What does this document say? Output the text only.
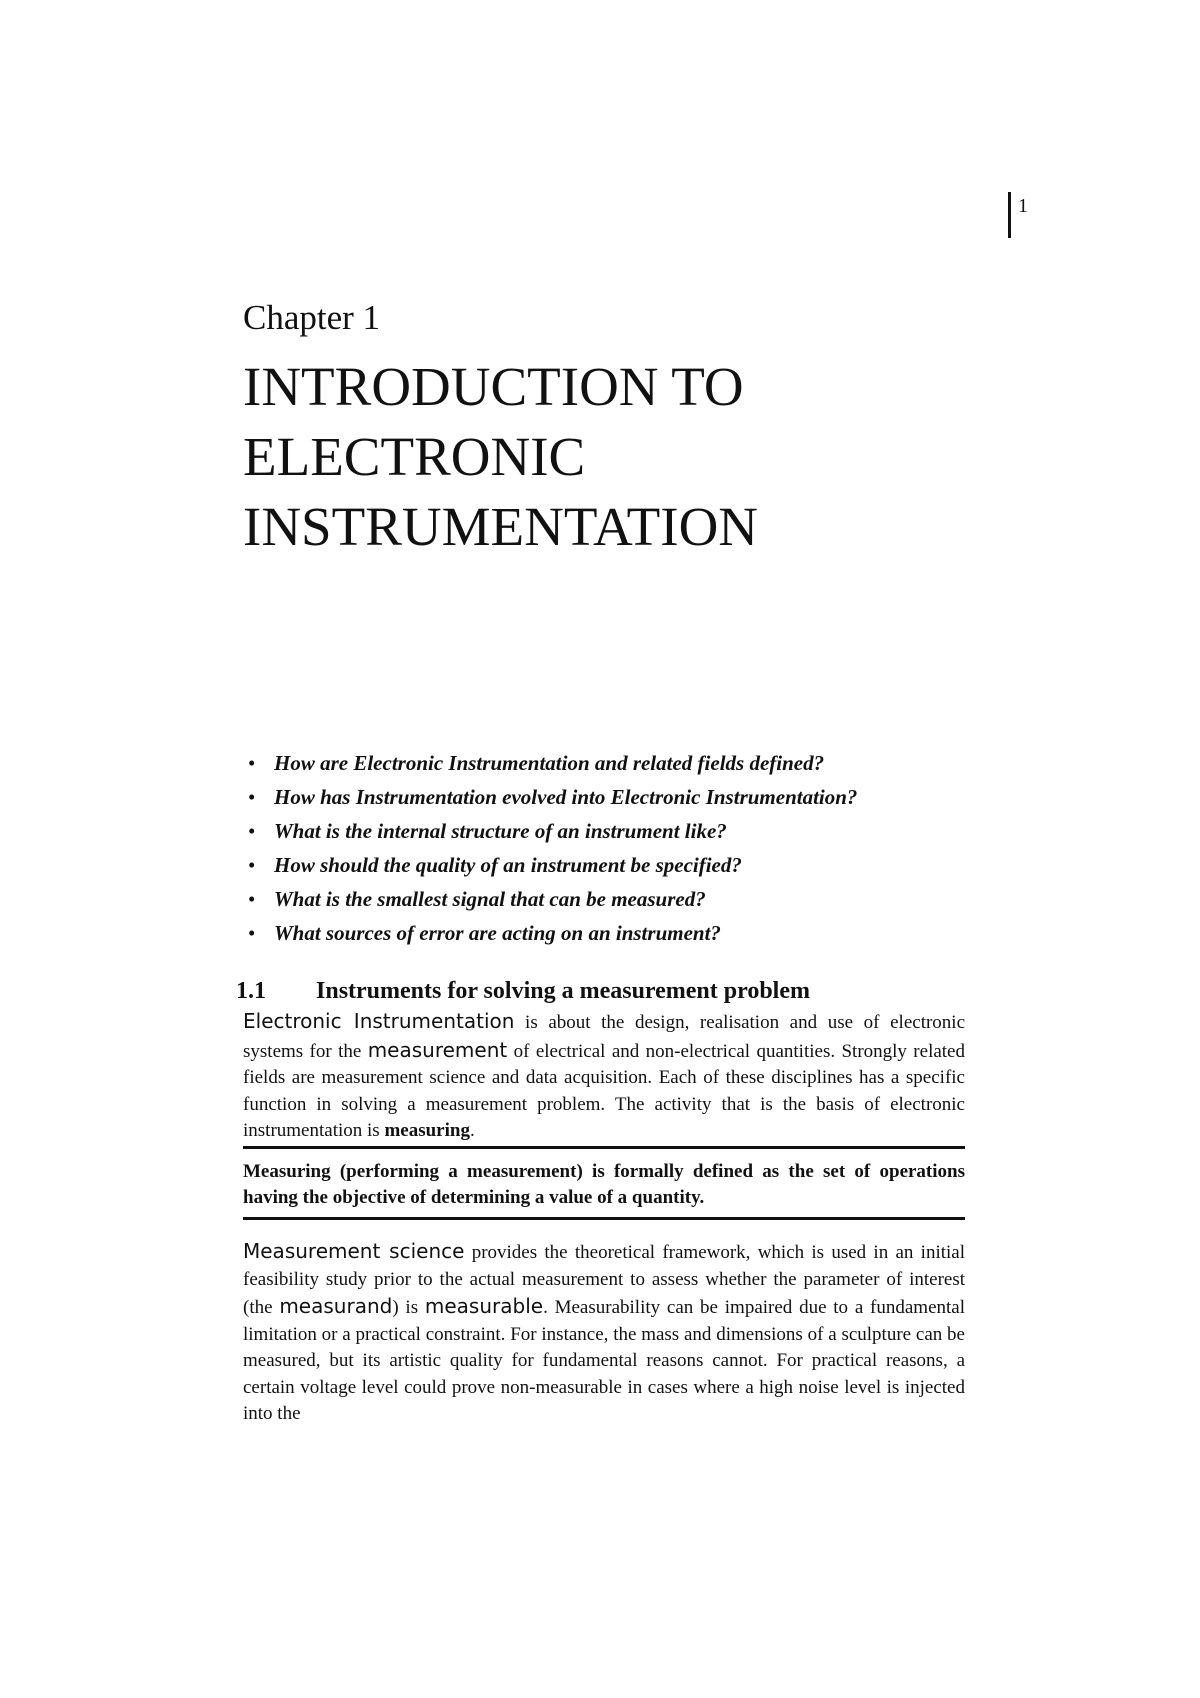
1
Chapter 1
INTRODUCTION TO
ELECTRONIC
INSTRUMENTATION
• How are Electronic Instrumentation and related fields defined?
• How has Instrumentation evolved into Electronic Instrumentation?
• What is the internal structure of an instrument like?
• How should the quality of an instrument be specified?
• What is the smallest signal that can be measured?
• What sources of error are acting on an instrument?
1.1 Instruments for solving a measurement problem

Electronic Instrumentation is about the design, realisation and use of electronic systems for the measurement of electrical and non-electrical quantities. Strongly related fields are measurement science and data acquisition. Each of these disciplines has a specific function in solving a measurement problem. The activity that is the basis of electronic instrumentation is measuring.

Measuring (performing a measurement) is formally defined as the set of operations having the objective of determining a value of a quantity.

Measurement science provides the theoretical framework, which is used in an initial feasibility study prior to the actual measurement to assess whether the parameter of interest (the measurand) is measurable. Measurability can be impaired due to a fundamental limitation or a practical constraint. For instance, the mass and dimensions of a sculpture can be measured, but its artistic quality for fundamental reasons cannot. For practical reasons, a certain voltage level could prove non-measurable in cases where a high noise level is injected into the
